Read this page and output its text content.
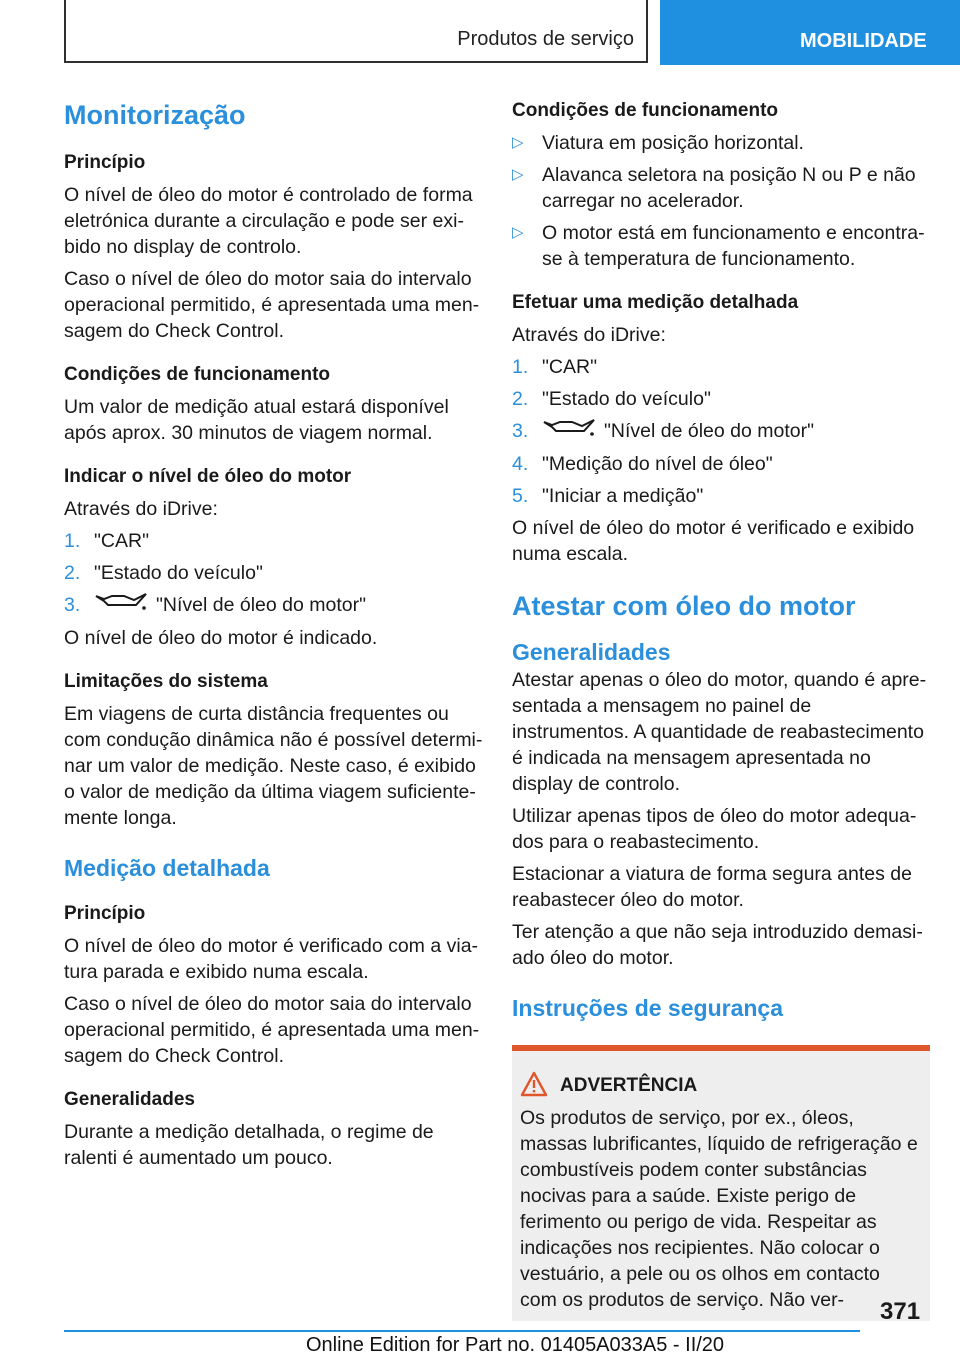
Produtos de serviço	MOBILIDADE
Monitorização
Princípio

O nível de óleo do motor é controlado de forma eletrónica durante a circulação e pode ser exibido no display de controlo.

Caso o nível de óleo do motor saia do intervalo operacional permitido, é apresentada uma mensagem do Check Control.

Condições de funcionamento

Um valor de medição atual estará disponível após aprox. 30 minutos de viagem normal.

Indicar o nível de óleo do motor

Através do iDrive:

1. "CAR"
2. "Estado do veículo"
3.	"Nível de óleo do motor"

O nível de óleo do motor é indicado.

Limitações do sistema

Em viagens de curta distância frequentes ou com condução dinâmica não é possível determinar um valor de medição. Neste caso, é exibido o valor de medição da última viagem suficientemente longa.

Medição detalhada
Princípio

O nível de óleo do motor é verificado com a viatura parada e exibido numa escala.

Caso o nível de óleo do motor saia do intervalo operacional permitido, é apresentada uma mensagem do Check Control.

Generalidades

Durante a medição detalhada, o regime de ralenti é aumentado um pouco.

Condições de funcionamento
▷ Viatura em posição horizontal.
▷ Alavanca seletora na posição N ou P e não carregar no acelerador.
▷ O motor está em funcionamento e encontra-se à temperatura de funcionamento.
Efetuar uma medição detalhada

Através do iDrive:

1. "CAR"
2. "Estado do veículo"
3.	"Nível de óleo do motor"
4. "Medição do nível de óleo"
5. "Iniciar a medição"

O nível de óleo do motor é verificado e exibido numa escala.

Atestar com óleo do motor
Generalidades

Atestar apenas o óleo do motor, quando é apresentada a mensagem no painel de instrumentos. A quantidade de reabastecimento é indicada na mensagem apresentada no display de controlo.

Utilizar apenas tipos de óleo do motor adequados para o reabastecimento.

Estacionar a viatura de forma segura antes de reabastecer óleo do motor.

Ter atenção a que não seja introduzido demasiado óleo do motor.

Instruções de segurança
ADVERTÊNCIA

Os produtos de serviço, por ex., óleos, massas lubrificantes, líquido de refrigeração e combustíveis podem conter substâncias nocivas para a saúde. Existe perigo de ferimento ou perigo de vida. Respeitar as indicações nos recipientes. Não colocar o vestuário, a pele ou os olhos em contacto com os produtos de serviço. Não ver-	371
Online Edition for Part no. 01405A033A5 - II/20
